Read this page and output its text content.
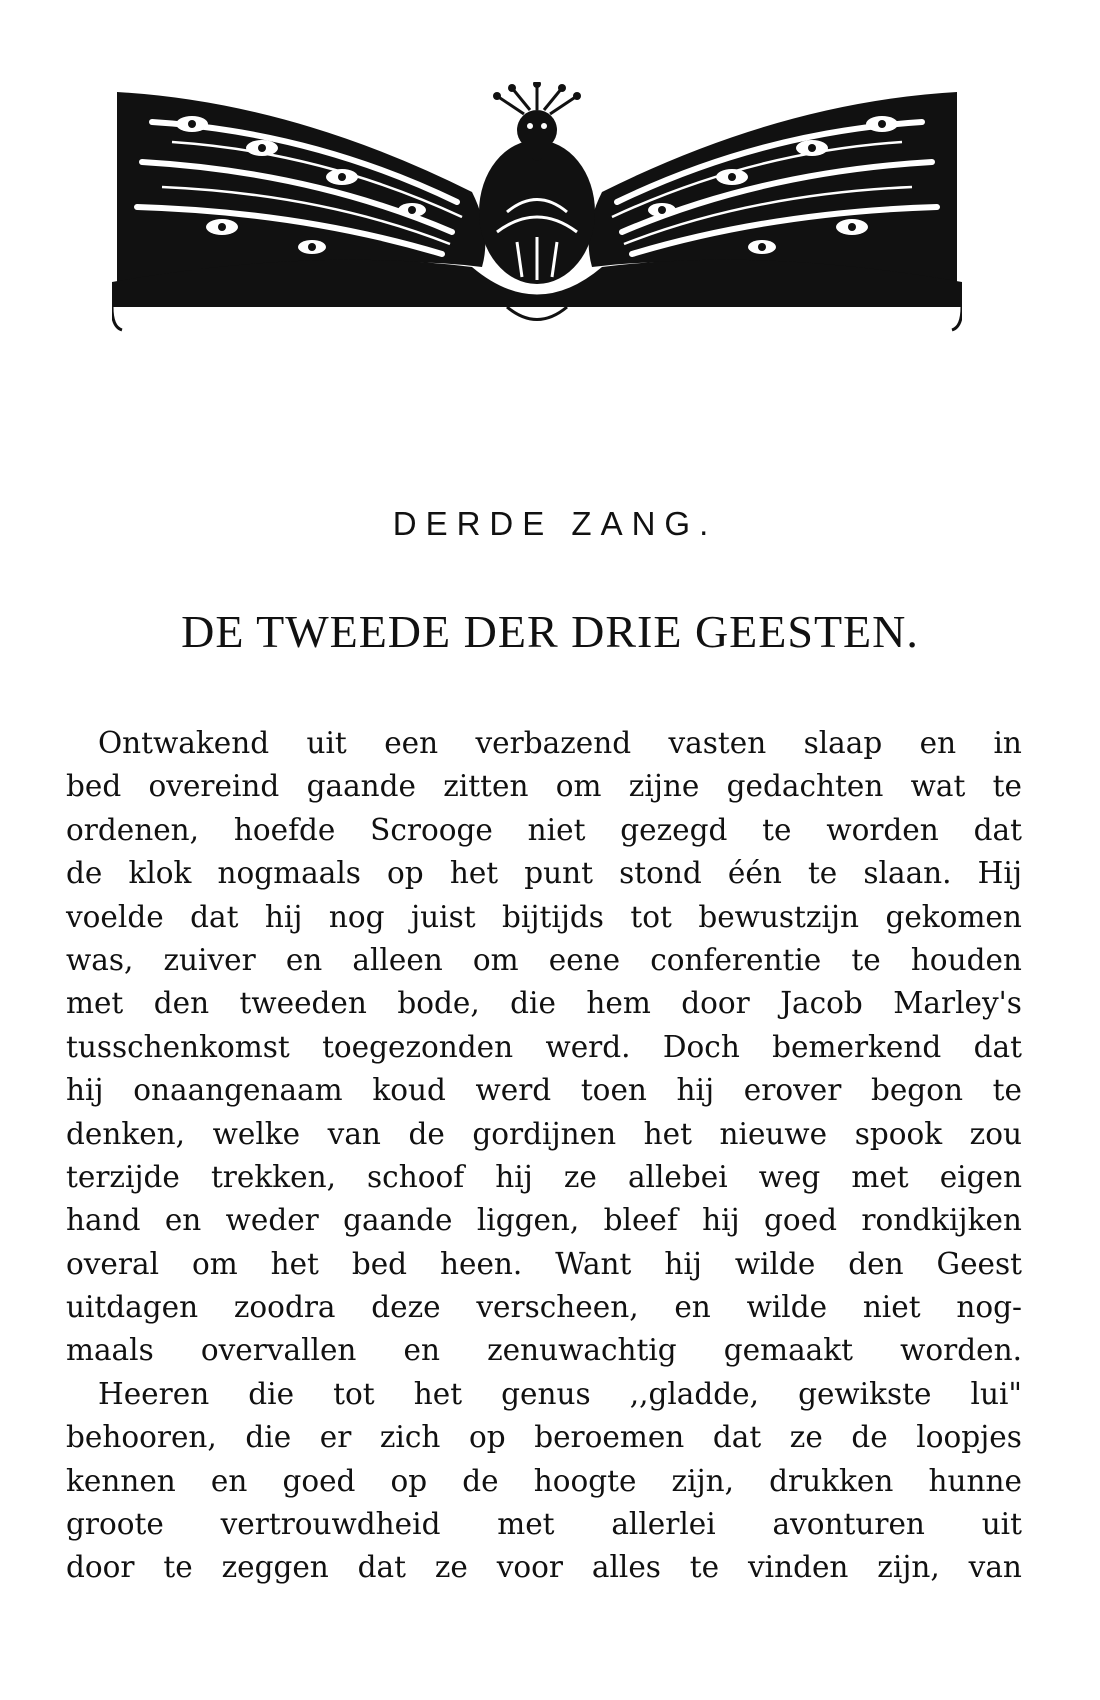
DERDE ZANG.
DE TWEEDE DER DRIE GEESTEN.
Ontwakend uit een verbazend vasten slaap en in
bed overeind gaande zitten om zijne gedachten wat te
ordenen, hoefde Scrooge niet gezegd te worden dat
de klok nogmaals op het punt stond één te slaan. Hij
voelde dat hij nog juist bijtijds tot bewustzijn gekomen
was, zuiver en alleen om eene conferentie te houden
met den tweeden bode, die hem door Jacob Marley's
tusschenkomst toegezonden werd. Doch bemerkend dat
hij onaangenaam koud werd toen hij erover begon te
denken, welke van de gordijnen het nieuwe spook zou
terzijde trekken, schoof hij ze allebei weg met eigen
hand en weder gaande liggen, bleef hij goed rondkijken
overal om het bed heen. Want hij wilde den Geest
uitdagen zoodra deze verscheen, en wilde niet nog-
maals overvallen en zenuwachtig gemaakt worden.
Heeren die tot het genus ,,gladde, gewikste lui"
behooren, die er zich op beroemen dat ze de loopjes
kennen en goed op de hoogte zijn, drukken hunne
groote vertrouwdheid met allerlei avonturen uit
door te zeggen dat ze voor alles te vinden zijn, van
